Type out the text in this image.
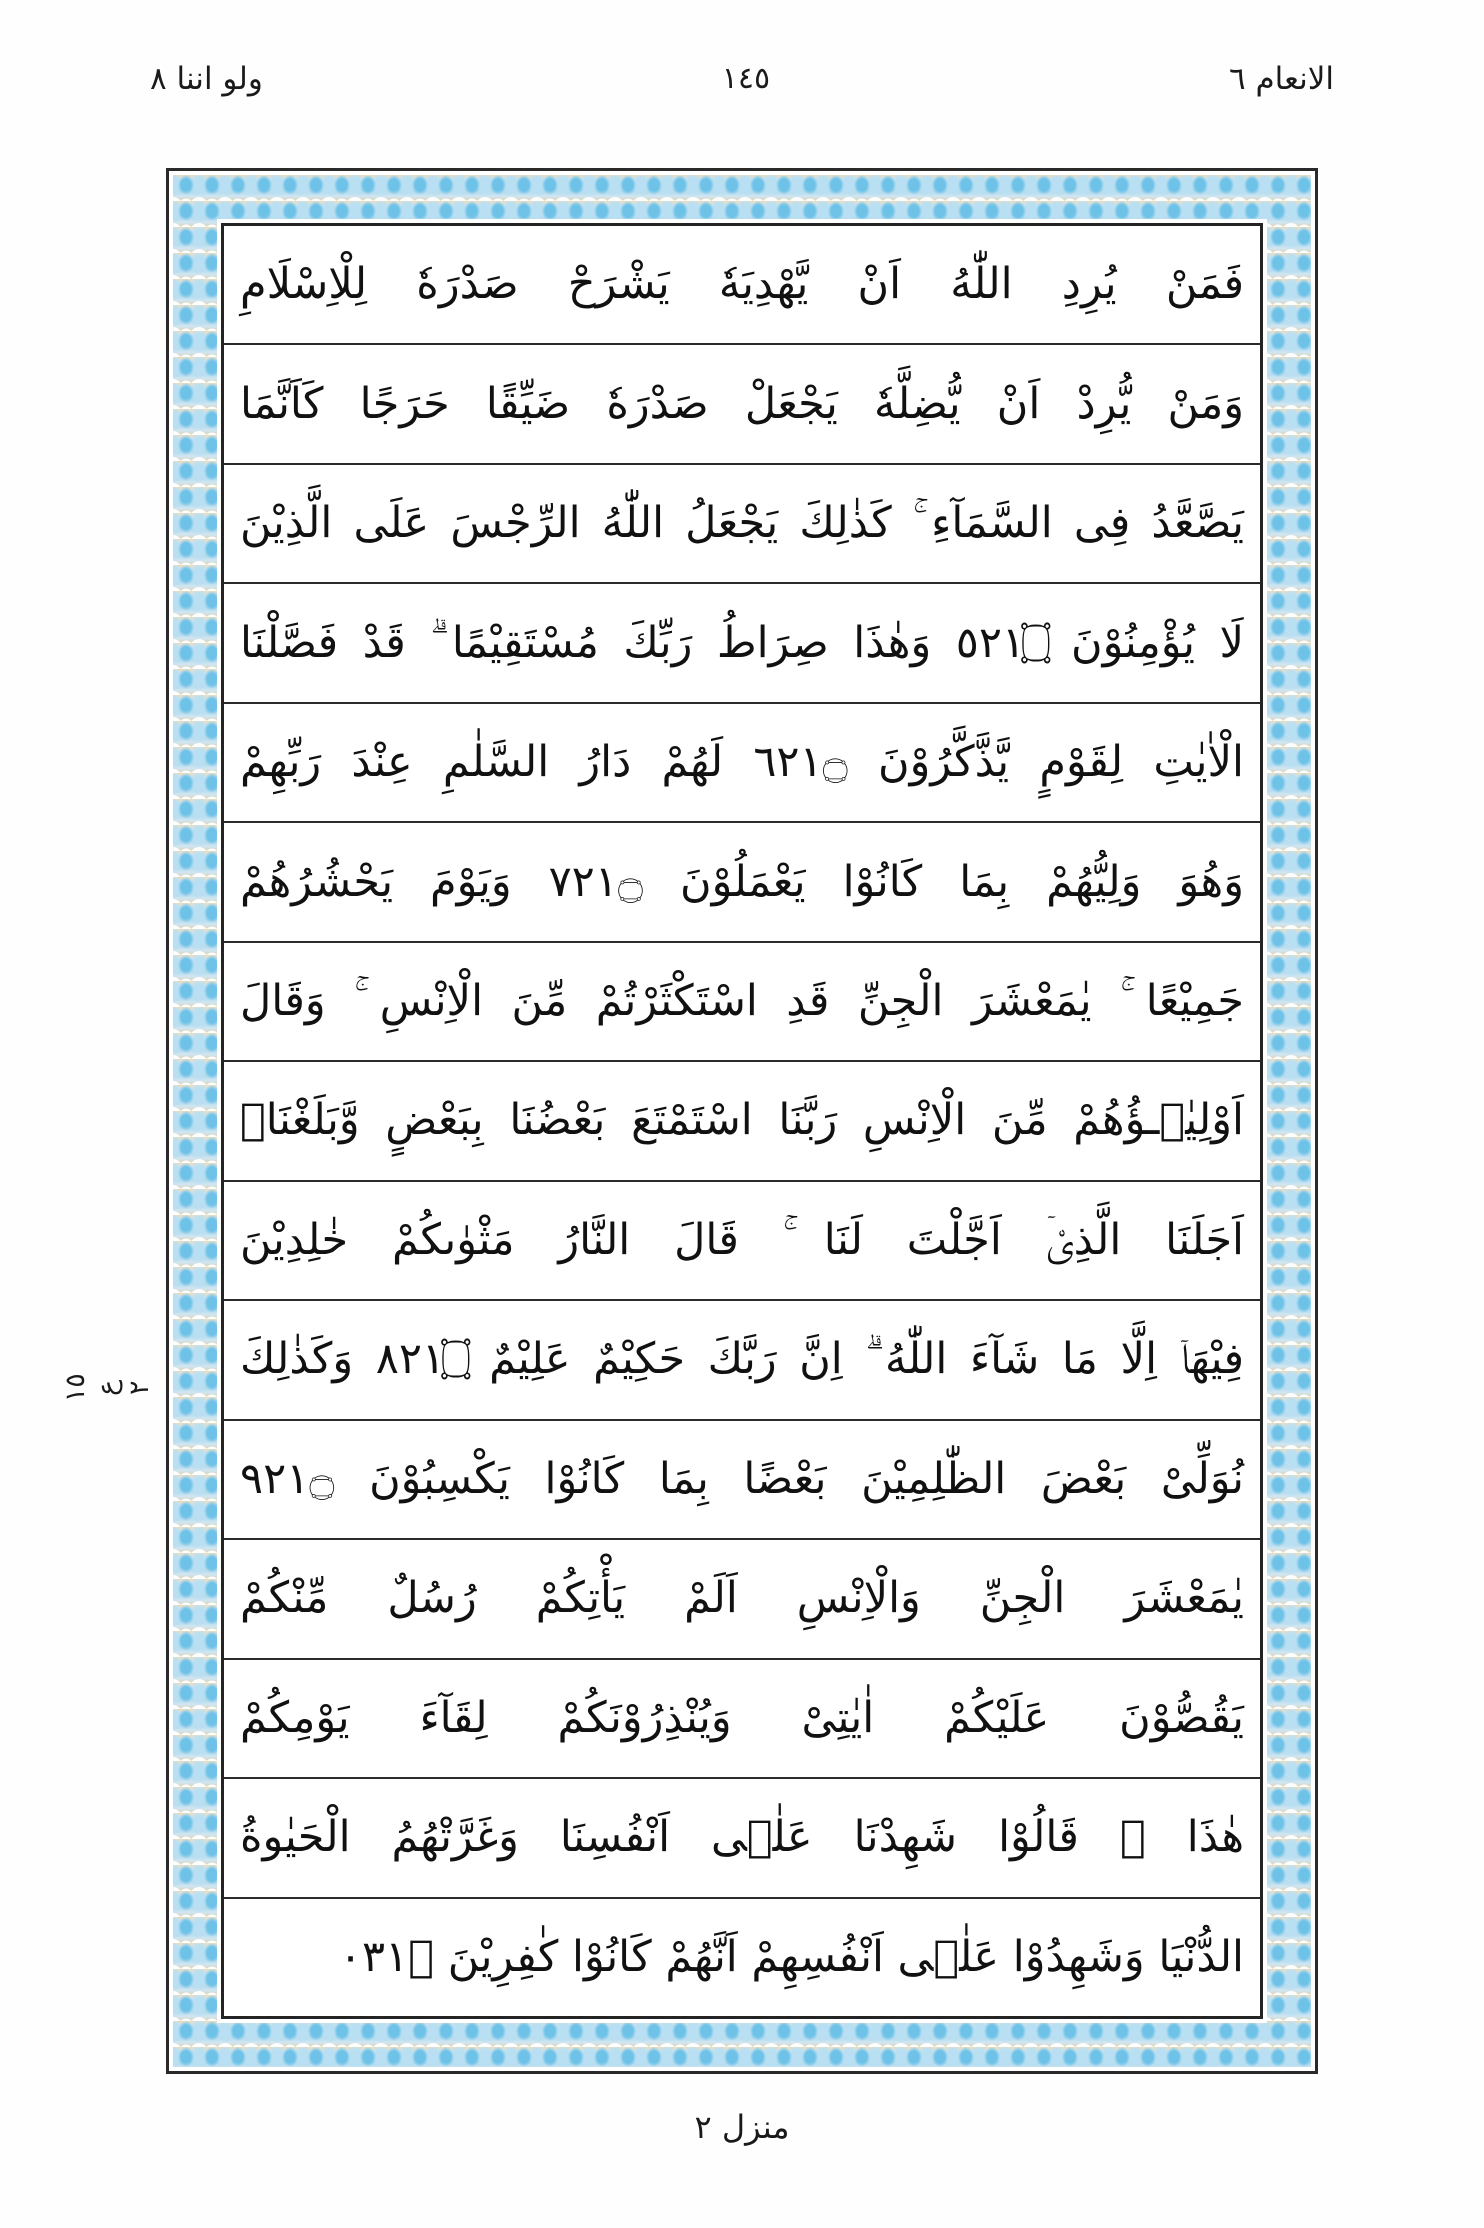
الانعام ٦
١٤٥
ولو اننا ٨
١٥ ع ٢
فَمَنْ يُرِدِ اللّٰهُ اَنْ يَّهْدِيَهٗ يَشْرَحْ صَدْرَهٗ لِلْاِسْلَامِ
وَمَنْ يُّرِدْ اَنْ يُّضِلَّهٗ يَجْعَلْ صَدْرَهٗ ضَيِّقًا حَرَجًا كَاَنَّمَا
يَصَّعَّدُ فِى السَّمَآءِ ۚ كَذٰلِكَ يَجْعَلُ اللّٰهُ الرِّجْسَ عَلَى الَّذِيْنَ
لَا يُؤْمِنُوْنَ ۝١٢٥ وَهٰذَا صِرَاطُ رَبِّكَ مُسْتَقِيْمًا ۗ قَدْ فَصَّلْنَا
الْاٰيٰتِ لِقَوْمٍ يَّذَّكَّرُوْنَ ۝١٢٦ لَهُمْ دَارُ السَّلٰمِ عِنْدَ رَبِّهِمْ
وَهُوَ وَلِيُّهُمْ بِمَا كَانُوْا يَعْمَلُوْنَ ۝١٢٧ وَيَوْمَ يَحْشُرُهُمْ
جَمِيْعًا ۚ يٰمَعْشَرَ الْجِنِّ قَدِ اسْتَكْثَرْتُمْ مِّنَ الْاِنْسِ ۚ وَقَالَ
اَوْلِيٰۤـؤُهُمْ مِّنَ الْاِنْسِ رَبَّنَا اسْتَمْتَعَ بَعْضُنَا بِبَعْضٍ وَّبَلَغْنَاۤ
اَجَلَنَا الَّذِىْۤ اَجَّلْتَ لَنَا ۚ قَالَ النَّارُ مَثْوٰىكُمْ خٰلِدِيْنَ
فِيْهَاۤ اِلَّا مَا شَآءَ اللّٰهُ ۗ اِنَّ رَبَّكَ حَكِيْمٌ عَلِيْمٌ ۝١٢٨ وَكَذٰلِكَ
نُوَلِّىْ بَعْضَ الظّٰلِمِيْنَ بَعْضًا بِمَا كَانُوْا يَكْسِبُوْنَ ۝١٢٩
يٰمَعْشَرَ الْجِنِّ وَالْاِنْسِ اَلَمْ يَأْتِكُمْ رُسُلٌ مِّنْكُمْ
يَقُصُّوْنَ عَلَيْكُمْ اٰيٰتِىْ وَيُنْذِرُوْنَكُمْ لِقَآءَ يَوْمِكُمْ
هٰذَا ۚ قَالُوْا شَهِدْنَا عَلٰۤى اَنْفُسِنَا وَغَرَّتْهُمُ الْحَيٰوةُ
الدُّنْيَا وَشَهِدُوْا عَلٰۤى اَنْفُسِهِمْ اَنَّهُمْ كَانُوْا كٰفِرِيْنَ ۝١٣٠
منزل ٢
